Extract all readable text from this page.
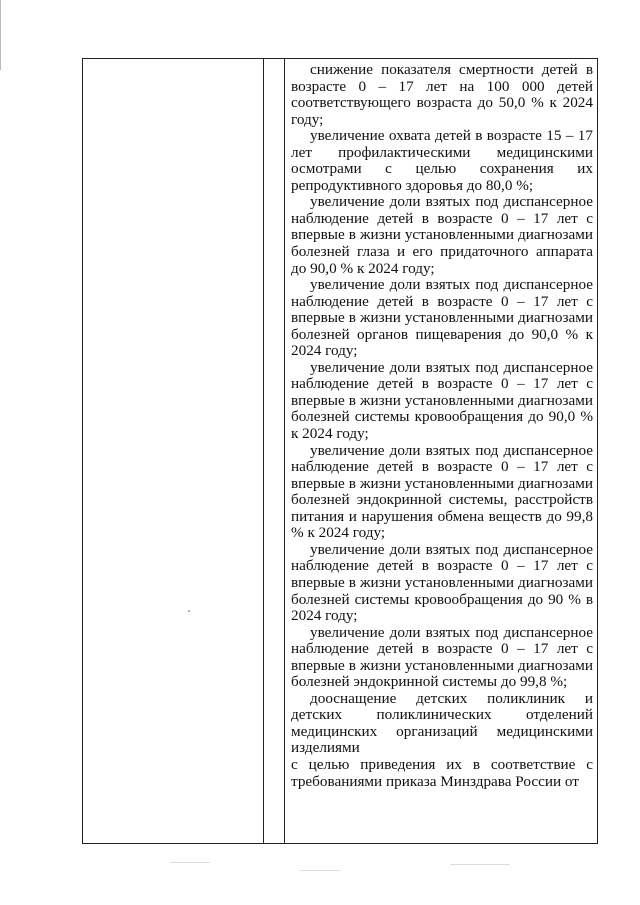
снижение показателя смертности детей в возрасте 0 – 17 лет на 100 000 детей соответствующего возраста до 50,0 % к 2024 году;

увеличение охвата детей в возрасте 15 – 17 лет профилактическими медицинскими осмотрами с целью сохранения их репродуктивного здоровья до 80,0 %;

увеличение доли взятых под диспансерное наблюдение детей в возрасте 0 – 17 лет с впервые в жизни установленными диагнозами болезней глаза и его придаточного аппарата до 90,0 % к 2024 году;

увеличение доли взятых под диспансерное наблюдение детей в возрасте 0 – 17 лет с впервые в жизни установленными диагнозами болезней органов пищеварения до 90,0 % к 2024 году;

увеличение доли взятых под диспансерное наблюдение детей в возрасте 0 – 17 лет с впервые в жизни установленными диагнозами болезней системы кровообращения до 90,0 % к 2024 году;

увеличение доли взятых под диспансерное наблюдение детей в возрасте 0 – 17 лет с впервые в жизни установленными диагнозами болезней эндокринной системы, расстройств питания и нарушения обмена веществ до 99,8 % к 2024 году;

увеличение доли взятых под диспансерное наблюдение детей в возрасте 0 – 17 лет с впервые в жизни установленными диагнозами болезней системы кровообращения до 90 % в 2024 году;

увеличение доли взятых под диспансерное наблюдение детей в возрасте 0 – 17 лет с впервые в жизни установленными диагнозами болезней эндокринной системы до 99,8 %;

дооснащение детских поликлиник и детских поликлинических отделений медицинских организаций медицинскими изделиями

с целью приведения их в соответствие с требованиями приказа Минздрава России от
